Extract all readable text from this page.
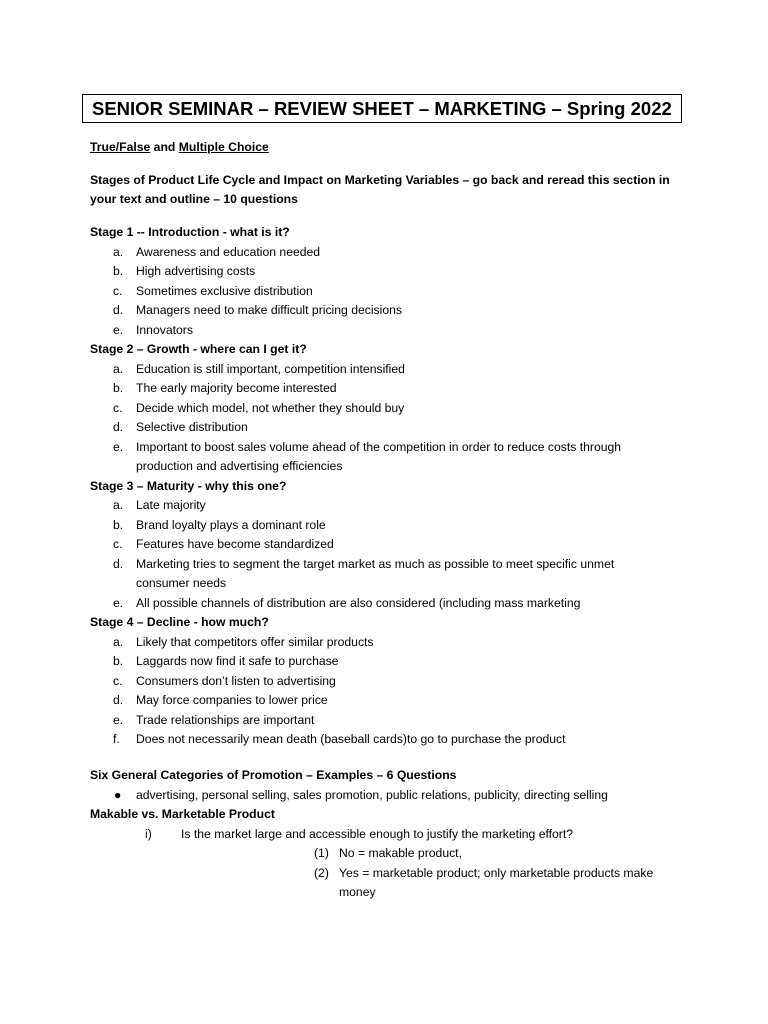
SENIOR SEMINAR – REVIEW SHEET – MARKETING – Spring 2022
True/False and Multiple Choice
Stages of Product Life Cycle and Impact on Marketing Variables – go back and reread this section in
your text and outline – 10 questions
Stage 1 -- Introduction - what is it?
a. Awareness and education needed
b. High advertising costs
c. Sometimes exclusive distribution
d. Managers need to make difficult pricing decisions
e. Innovators
Stage 2 – Growth - where can I get it?
a. Education is still important, competition intensified
b. The early majority become interested
c. Decide which model, not whether they should buy
d. Selective distribution
e. Important to boost sales volume ahead of the competition in order to reduce costs through
production and advertising efficiencies
Stage 3 – Maturity - why this one?
a. Late majority
b. Brand loyalty plays a dominant role
c. Features have become standardized
d. Marketing tries to segment the target market as much as possible to meet specific unmet
consumer needs
e. All possible channels of distribution are also considered (including mass marketing
Stage 4 – Decline - how much?
a. Likely that competitors offer similar products
b. Laggards now find it safe to purchase
c. Consumers don’t listen to advertising
d. May force companies to lower price
e. Trade relationships are important
f. Does not necessarily mean death (baseball cards)to go to purchase the product
Six General Categories of Promotion – Examples – 6 Questions
● advertising, personal selling, sales promotion, public relations, publicity, directing selling
Makable vs. Marketable Product
i) Is the market large and accessible enough to justify the marketing effort?
(1) No = makable product,
(2) Yes = marketable product; only marketable products make
money
